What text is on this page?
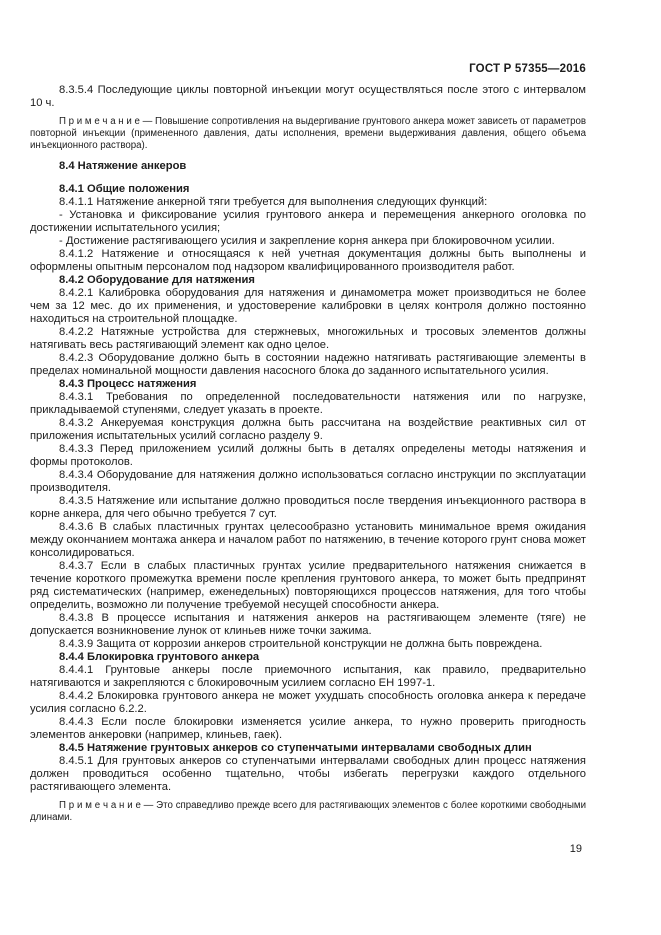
ГОСТ Р 57355—2016

8.3.5.4 Последующие циклы повторной инъекции могут осуществляться после этого с интервалом 10 ч.

П р и м е ч а н и е — Повышение сопротивления на выдергивание грунтового анкера может зависеть от параметров повторной инъекции (примененного давления, даты исполнения, времени выдерживания давления, общего объема инъекционного раствора).

8.4 Натяжение анкеров

8.4.1 Общие положения

8.4.1.1 Натяжение анкерной тяги требуется для выполнения следующих функций:

- Установка и фиксирование усилия грунтового анкера и перемещения анкерного оголовка по достижении испытательного усилия;

- Достижение растягивающего усилия и закрепление корня анкера при блокировочном усилии.

8.4.1.2 Натяжение и относящаяся к ней учетная документация должны быть выполнены и оформлены опытным персоналом под надзором квалифицированного производителя работ.

8.4.2 Оборудование для натяжения

8.4.2.1 Калибровка оборудования для натяжения и динамометра может производиться не более чем за 12 мес. до их применения, и удостоверение калибровки в целях контроля должно постоянно находиться на строительной площадке.

8.4.2.2 Натяжные устройства для стержневых, многожильных и тросовых элементов должны натягивать весь растягивающий элемент как одно целое.

8.4.2.3 Оборудование должно быть в состоянии надежно натягивать растягивающие элементы в пределах номинальной мощности давления насосного блока до заданного испытательного усилия.

8.4.3 Процесс натяжения

8.4.3.1 Требования по определенной последовательности натяжения или по нагрузке, прикладываемой ступенями, следует указать в проекте.

8.4.3.2 Анкеруемая конструкция должна быть рассчитана на воздействие реактивных сил от приложения испытательных усилий согласно разделу 9.

8.4.3.3 Перед приложением усилий должны быть в деталях определены методы натяжения и формы протоколов.

8.4.3.4 Оборудование для натяжения должно использоваться согласно инструкции по эксплуатации производителя.

8.4.3.5 Натяжение или испытание должно проводиться после твердения инъекционного раствора в корне анкера, для чего обычно требуется 7 сут.

8.4.3.6 В слабых пластичных грунтах целесообразно установить минимальное время ожидания между окончанием монтажа анкера и началом работ по натяжению, в течение которого грунт снова может консолидироваться.

8.4.3.7 Если в слабых пластичных грунтах усилие предварительного натяжения снижается в течение короткого промежутка времени после крепления грунтового анкера, то может быть предпринят ряд систематических (например, еженедельных) повторяющихся процессов натяжения, для того чтобы определить, возможно ли получение требуемой несущей способности анкера.

8.4.3.8 В процессе испытания и натяжения анкеров на растягивающем элементе (тяге) не допускается возникновение лунок от клиньев ниже точки зажима.

8.4.3.9 Защита от коррозии анкеров строительной конструкции не должна быть повреждена.

8.4.4 Блокировка грунтового анкера

8.4.4.1 Грунтовые анкеры после приемочного испытания, как правило, предварительно натягиваются и закрепляются с блокировочным усилием согласно ЕН 1997-1.

8.4.4.2 Блокировка грунтового анкера не может ухудшать способность оголовка анкера к передаче усилия согласно 6.2.2.

8.4.4.3 Если после блокировки изменяется усилие анкера, то нужно проверить пригодность элементов анкеровки (например, клиньев, гаек).

8.4.5 Натяжение грунтовых анкеров со ступенчатыми интервалами свободных длин

8.4.5.1 Для грунтовых анкеров со ступенчатыми интервалами свободных длин процесс натяжения должен проводиться особенно тщательно, чтобы избегать перегрузки каждого отдельного растягивающего элемента.

П р и м е ч а н и е — Это справедливо прежде всего для растягивающих элементов с более короткими свободными длинами.

19
